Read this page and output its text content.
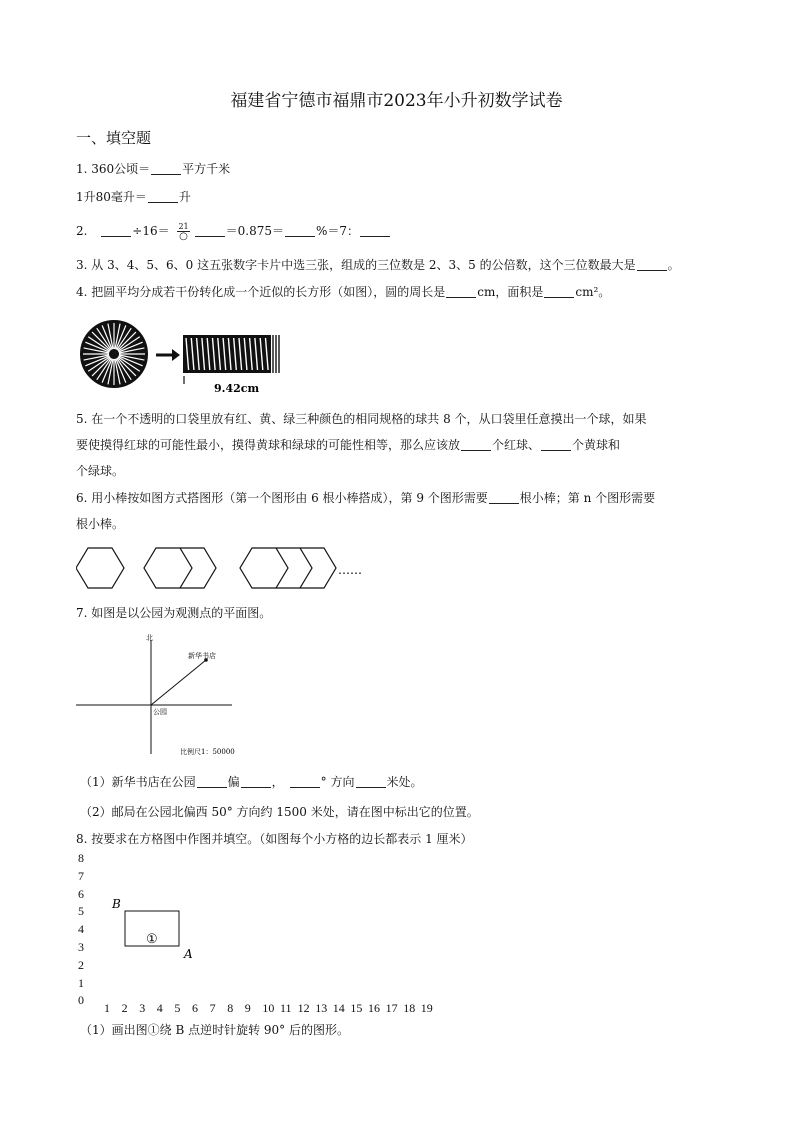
福建省宁德市福鼎市2023年小升初数学试卷
一、填空题
1. 360公顷＝	平方千米
1升80毫升＝	升
2.	$\div 16= \frac{21}{○}$	＝0.875＝	%＝7：
3. 从 3、4、5、6、0 这五张数字卡片中选三张，组成的三位数是 2、3、5 的公倍数，这个三位数最大是	。
4. 把圆平均分成若干份转化成一个近似的长方形（如图），圆的周长是	cm，面积是	cm²。
9.42cm
5. 在一个不透明的口袋里放有红、黄、绿三种颜色的相同规格的球共 8 个，从口袋里任意摸出一个球，如果
要使摸得红球的可能性最小，摸得黄球和绿球的可能性相等，那么应该放	个红球、	个黄球和
个绿球。
6. 用小棒按如图方式搭图形（第一个图形由 6 根小棒搭成），第 9 个图形需要	根小棒；第 n 个图形需要
根小棒。
……
7. 如图是以公园为观测点的平面图。
北
新华书店
公园
比例尺1：50000
（1）新华书店在公园	偏	，	° 方向	米处。
（2）邮局在公园北偏西 50° 方向约 1500 米处，请在图中标出它的位置。
8. 按要求在方格图中作图并填空。（如图每个小方格的边长都表示 1 厘米）
8
7
6
5
4
3
2
1
0
1 2 3 4 5 6 7 8 9 10 11 12 13 14 15 16 17 18 19
B
A
①
（1）画出图①绕 B 点逆时针旋转 90° 后的图形。
